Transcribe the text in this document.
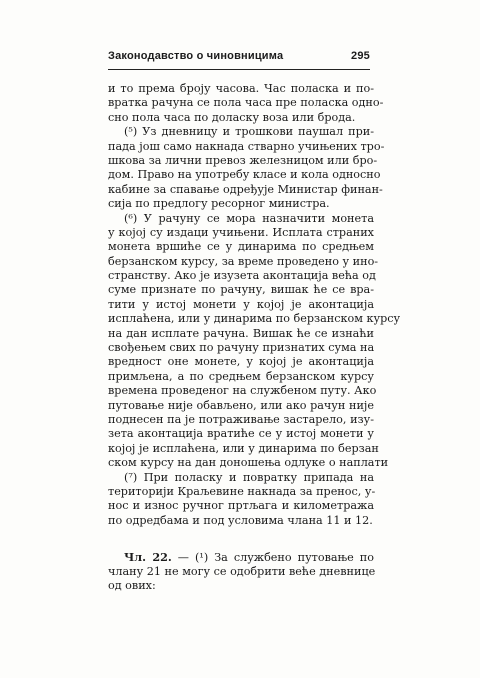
Законодавство о чиновницима	295
и то према броју часова. Час поласка и по-
вратка рачуна се пола часа пре поласка одно-
сно пола часа по доласку воза или брода.
(⁵) Уз дневницу и трошкови паушал при-
пада још само накнада стварно учињених тро-
шкова за лични превоз железницом или бро-
дом. Право на употребу класе и кола односно
кабине за спавање одређује Министар финан-
сија по предлогу ресорног министра.
(⁶) У рачуну се мора назначити монета
у којој су издаци учињени. Исплата страних
монета вршиће се у динарима по средњем
берзанском курсу, за време проведено у ино-
странству. Ако је изузета аконтација већа од
суме признате по рачуну, вишак ће се вра-
тити у истој монети у којој је аконтација
исплаћена, или у динарима по берзанском курсу
на дан исплате рачуна. Вишак ће се изнаћи
свођењем свих по рачуну признатих сума на
вредност оне монете, у којој је аконтација
примљена, а по средњем берзанском курсу
времена проведеног на службеном путу. Ако
путовање није обављено, или ако рачун није
поднесен па је потраживање застарело, изу-
зета аконтација вратиће се у истој монети у
којој је исплаћена, или у динарима по берзан
ском курсу на дан доношења одлуке о наплати
(⁷) При поласку и повратку припада на
територији Краљевине накнада за пренос, у-
нос и износ ручног пртљага и километража
по одредбама и под условима члана 11 и 12.
Чл. 22. — (¹) За службено путовање по
члану 21 не могу се одобрити веће дневнице
од ових:
